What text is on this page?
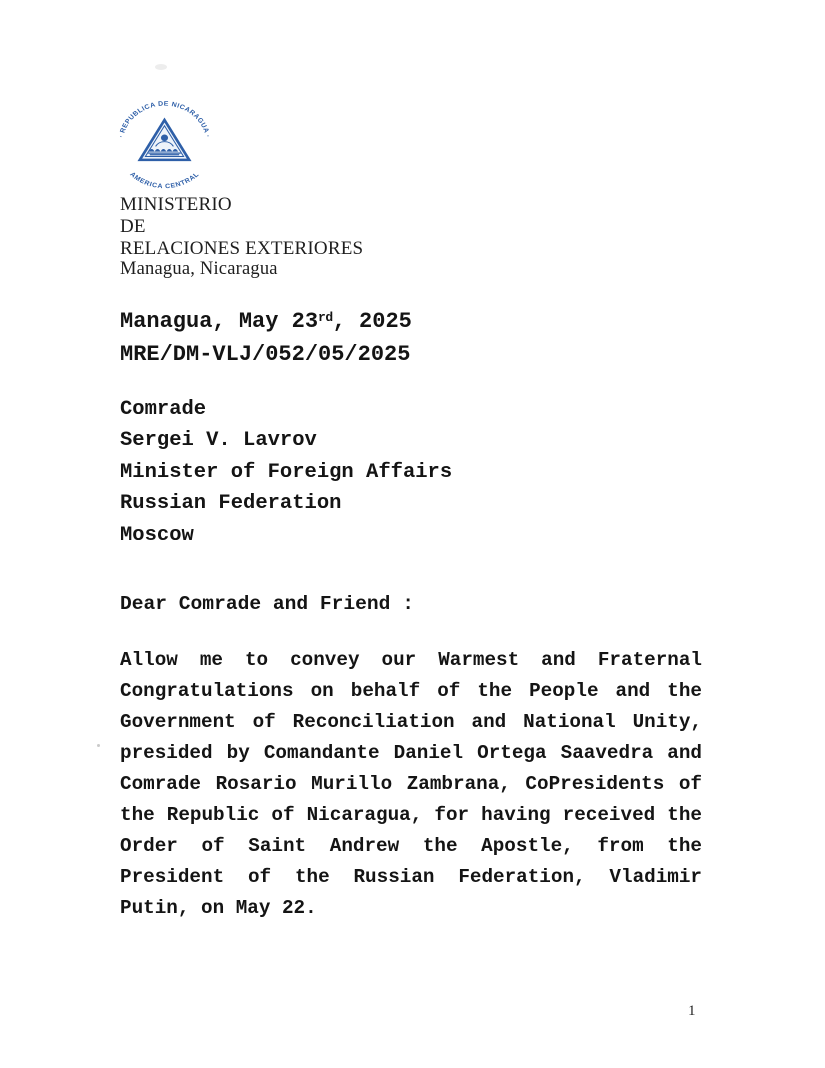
· REPUBLICA DE NICARAGUA ·
AMERICA CENTRAL
MINISTERIO
DE
RELACIONES EXTERIORES
Managua, Nicaragua
Managua, May 23rd, 2025
MRE/DM-VLJ/052/05/2025
Comrade
Sergei V. Lavrov
Minister of Foreign Affairs
Russian Federation
Moscow
Dear Comrade and Friend :
Allow me to convey our Warmest and Fraternal
Congratulations on behalf of the People and the
Government of Reconciliation and National Unity,
presided by Comandante Daniel Ortega Saavedra and
Comrade Rosario Murillo Zambrana, CoPresidents of
the Republic of Nicaragua, for having received the
Order of Saint Andrew the Apostle, from the
President of the Russian Federation, Vladimir
Putin, on May 22.
1
